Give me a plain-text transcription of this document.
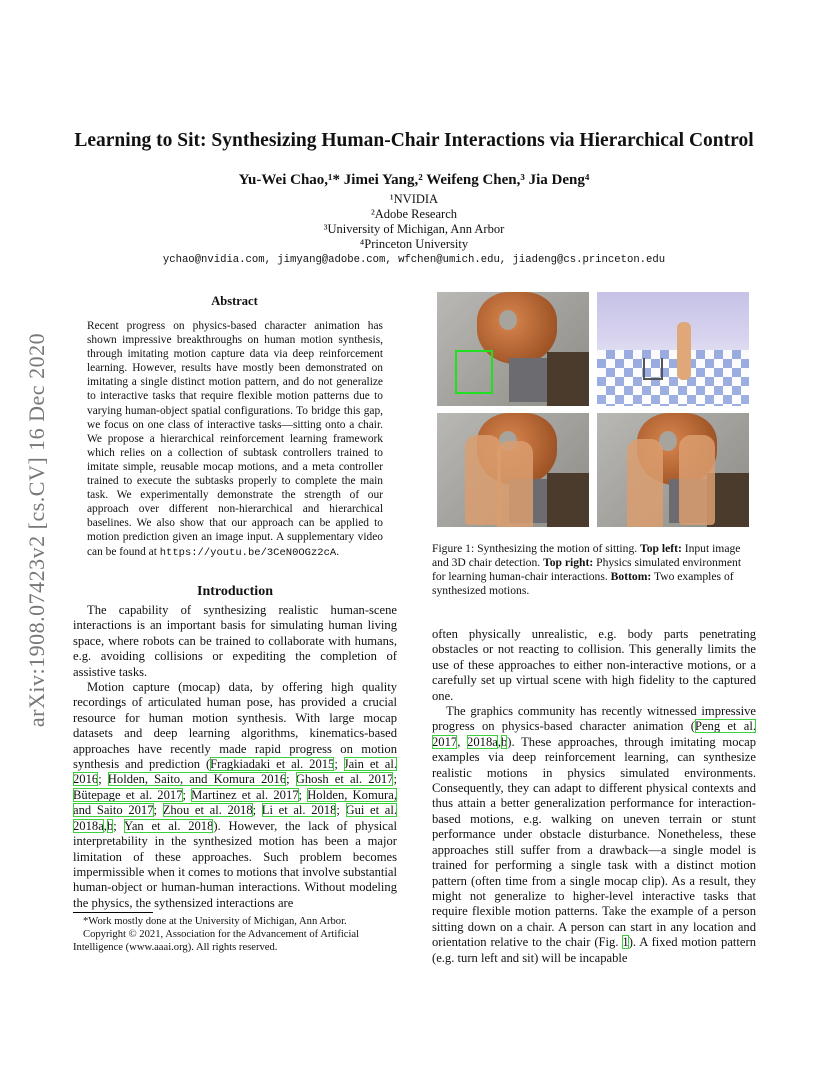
arXiv:1908.07423v2 [cs.CV] 16 Dec 2020
Learning to Sit: Synthesizing Human-Chair Interactions via Hierarchical Control
Yu-Wei Chao,¹* Jimei Yang,² Weifeng Chen,³ Jia Deng⁴
¹NVIDIA
²Adobe Research
³University of Michigan, Ann Arbor
⁴Princeton University
ychao@nvidia.com, jimyang@adobe.com, wfchen@umich.edu, jiadeng@cs.princeton.edu
Abstract
Recent progress on physics-based character animation has shown impressive breakthroughs on human motion synthesis, through imitating motion capture data via deep reinforcement learning. However, results have mostly been demonstrated on imitating a single distinct motion pattern, and do not generalize to interactive tasks that require flexible motion patterns due to varying human-object spatial configurations. To bridge this gap, we focus on one class of interactive tasks—sitting onto a chair. We propose a hierarchical reinforcement learning framework which relies on a collection of subtask controllers trained to imitate simple, reusable mocap motions, and a meta controller trained to execute the subtasks properly to complete the main task. We experimentally demonstrate the strength of our approach over different non-hierarchical and hierarchical baselines. We also show that our approach can be applied to motion prediction given an image input. A supplementary video can be found at https://youtu.be/3CeN0OGz2cA.
Introduction

The capability of synthesizing realistic human-scene interactions is an important basis for simulating human living space, where robots can be trained to collaborate with humans, e.g. avoiding collisions or expediting the completion of assistive tasks.

Motion capture (mocap) data, by offering high quality recordings of articulated human pose, has provided a crucial resource for human motion synthesis. With large mocap datasets and deep learning algorithms, kinematics-based approaches have recently made rapid progress on motion synthesis and prediction (Fragkiadaki et al. 2015; Jain et al. 2016; Holden, Saito, and Komura 2016; Ghosh et al. 2017; Bütepage et al. 2017; Martinez et al. 2017; Holden, Komura, and Saito 2017; Zhou et al. 2018; Li et al. 2018; Gui et al. 2018a,b; Yan et al. 2018). However, the lack of physical interpretability in the synthesized motion has been a major limitation of these approaches. Such problem becomes impermissible when it comes to motions that involve substantial human-object or human-human interactions. Without modeling the physics, the sythensized interactions are

*Work mostly done at the University of Michigan, Ann Arbor.

Copyright © 2021, Association for the Advancement of Artificial Intelligence (www.aaai.org). All rights reserved.

Figure 1: Synthesizing the motion of sitting. Top left: Input image and 3D chair detection. Top right: Physics simulated environment for learning human-chair interactions. Bottom: Two examples of synthesized motions.

often physically unrealistic, e.g. body parts penetrating obstacles or not reacting to collision. This generally limits the use of these approaches to either non-interactive motions, or a carefully set up virtual scene with high fidelity to the captured one.

The graphics community has recently witnessed impressive progress on physics-based character animation (Peng et al. 2017, 2018a,b). These approaches, through imitating mocap examples via deep reinforcement learning, can synthesize realistic motions in physics simulated environments. Consequently, they can adapt to different physical contexts and thus attain a better generalization performance for interaction-based motions, e.g. walking on uneven terrain or stunt performance under obstacle disturbance. Nonetheless, these approaches still suffer from a drawback—a single model is trained for performing a single task with a distinct motion pattern (often time from a single mocap clip). As a result, they might not generalize to higher-level interactive tasks that require flexible motion patterns. Take the example of a person sitting down on a chair. A person can start in any location and orientation relative to the chair (Fig. 1). A fixed motion pattern (e.g. turn left and sit) will be incapable
